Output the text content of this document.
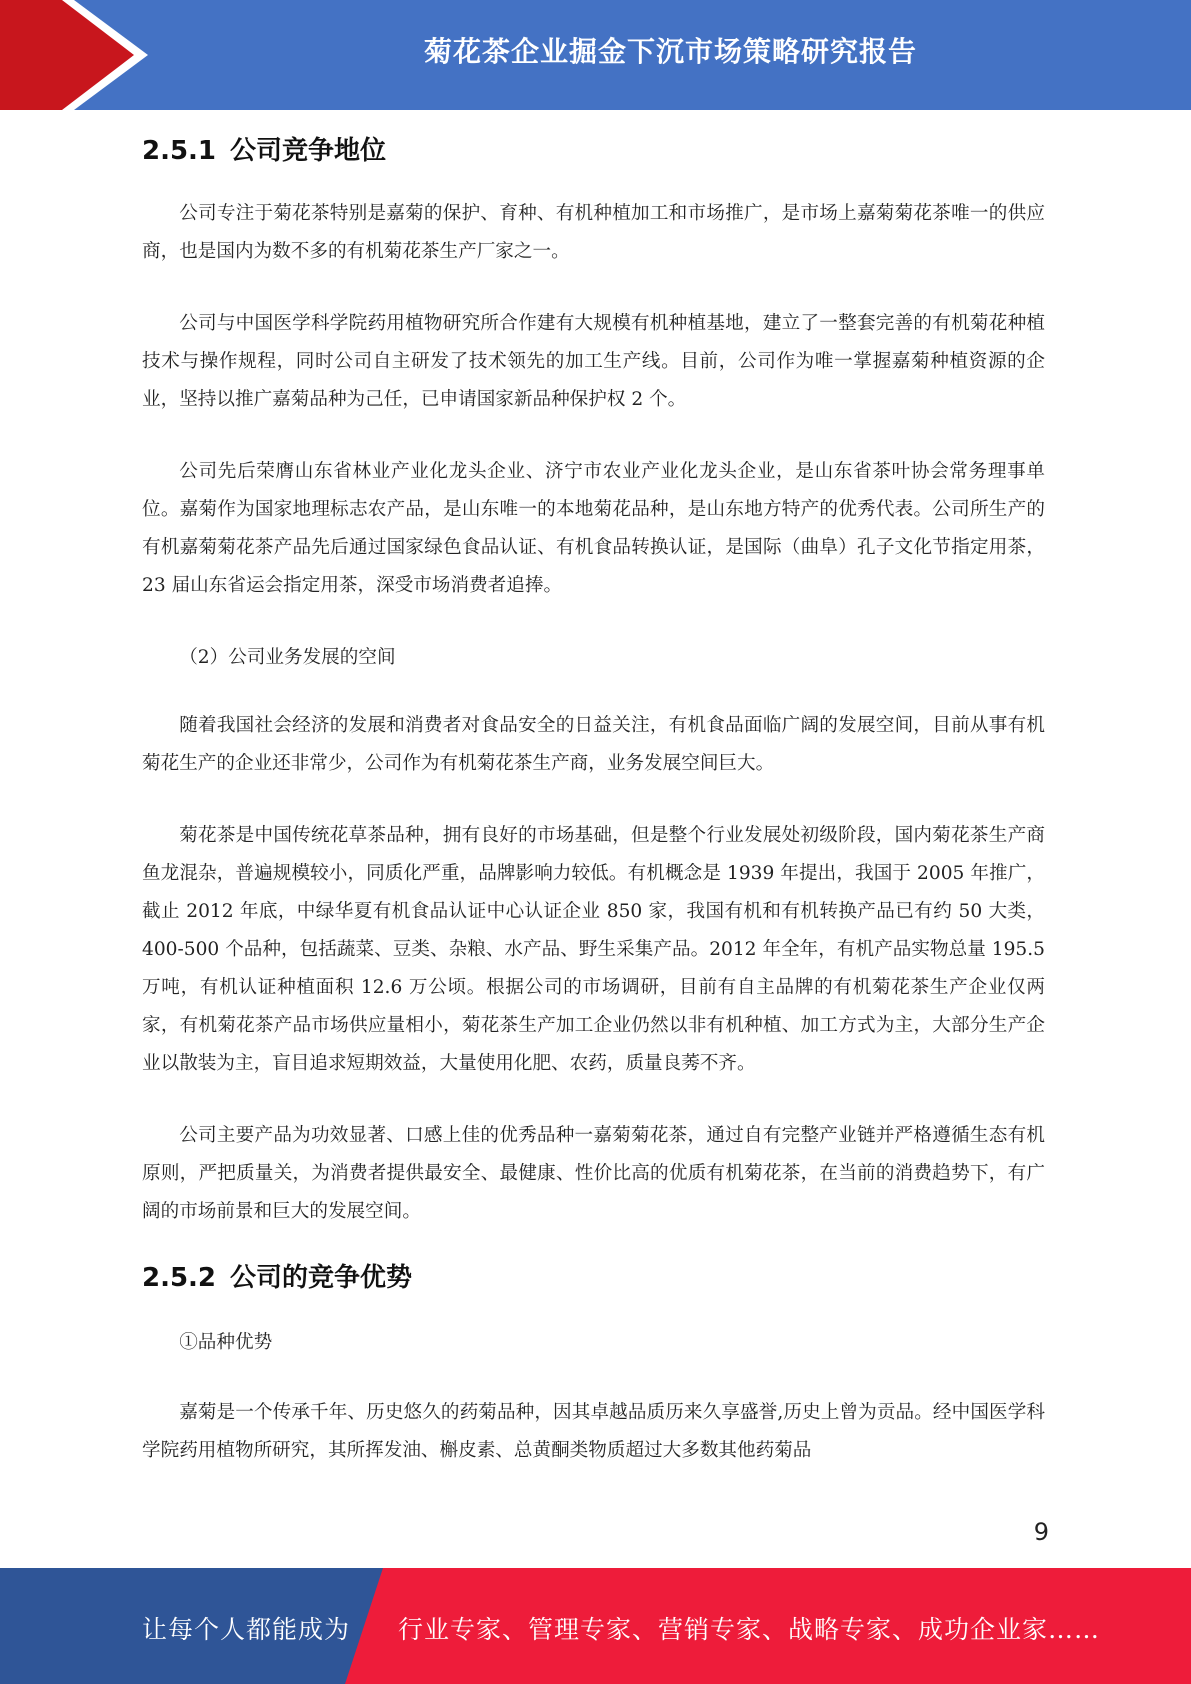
菊花茶企业掘金下沉市场策略研究报告
2.5.1 公司竞争地位

公司专注于菊花茶特别是嘉菊的保护、育种、有机种植加工和市场推广，是市场上嘉菊菊花茶唯一的供应商，也是国内为数不多的有机菊花茶生产厂家之一。

公司与中国医学科学院药用植物研究所合作建有大规模有机种植基地，建立了一整套完善的有机菊花种植技术与操作规程，同时公司自主研发了技术领先的加工生产线。目前，公司作为唯一掌握嘉菊种植资源的企业，坚持以推广嘉菊品种为己任，已申请国家新品种保护权 2 个。

公司先后荣膺山东省林业产业化龙头企业、济宁市农业产业化龙头企业，是山东省茶叶协会常务理事单位。嘉菊作为国家地理标志农产品，是山东唯一的本地菊花品种，是山东地方特产的优秀代表。公司所生产的有机嘉菊菊花茶产品先后通过国家绿色食品认证、有机食品转换认证，是国际（曲阜）孔子文化节指定用茶，23 届山东省运会指定用茶，深受市场消费者追捧。

（2）公司业务发展的空间

随着我国社会经济的发展和消费者对食品安全的日益关注，有机食品面临广阔的发展空间，目前从事有机菊花生产的企业还非常少，公司作为有机菊花茶生产商，业务发展空间巨大。

菊花茶是中国传统花草茶品种，拥有良好的市场基础，但是整个行业发展处初级阶段，国内菊花茶生产商鱼龙混杂，普遍规模较小，同质化严重，品牌影响力较低。有机概念是 1939 年提出，我国于 2005 年推广，截止 2012 年底，中绿华夏有机食品认证中心认证企业 850 家，我国有机和有机转换产品已有约 50 大类，400-500 个品种，包括蔬菜、豆类、杂粮、水产品、野生采集产品。2012 年全年，有机产品实物总量 195.5 万吨，有机认证种植面积 12.6 万公顷。根据公司的市场调研，目前有自主品牌的有机菊花茶生产企业仅两家，有机菊花茶产品市场供应量相小，菊花茶生产加工企业仍然以非有机种植、加工方式为主，大部分生产企业以散装为主，盲目追求短期效益，大量使用化肥、农药，质量良莠不齐。

公司主要产品为功效显著、口感上佳的优秀品种一嘉菊菊花茶，通过自有完整产业链并严格遵循生态有机原则，严把质量关，为消费者提供最安全、最健康、性价比高的优质有机菊花茶，在当前的消费趋势下，有广阔的市场前景和巨大的发展空间。

2.5.2 公司的竞争优势

①品种优势

嘉菊是一个传承千年、历史悠久的药菊品种，因其卓越品质历来久享盛誉,历史上曾为贡品。经中国医学科学院药用植物所研究，其所挥发油、槲皮素、总黄酮类物质超过大多数其他药菊品

9
让每个人都能成为 行业专家、管理专家、营销专家、战略专家、成功企业家……
